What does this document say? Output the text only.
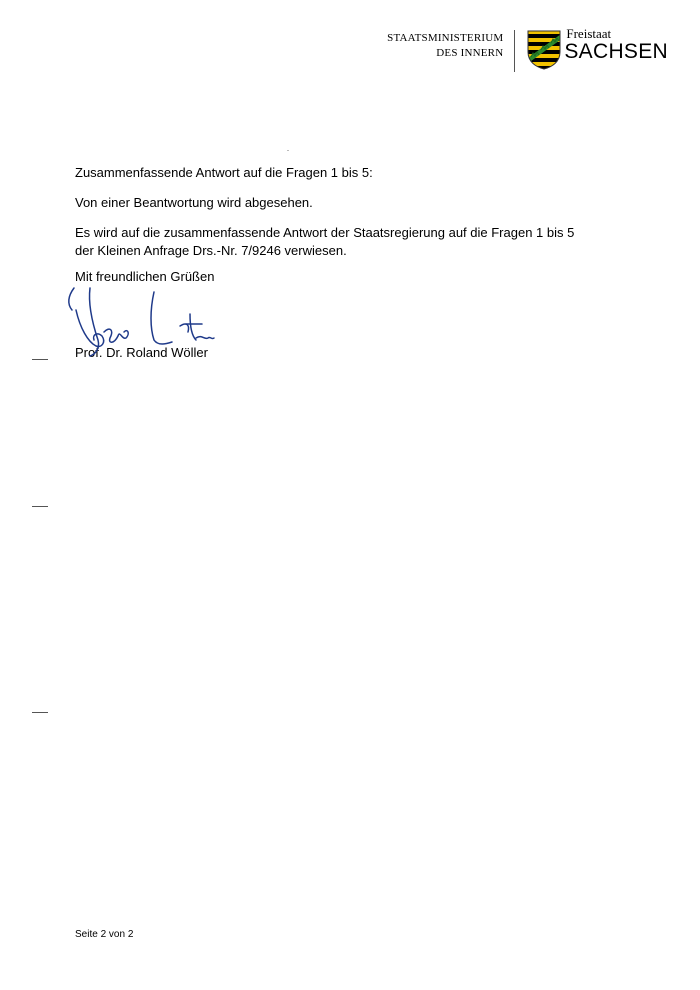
STAATSMINISTERIUM
DES INNERN
Freistaat
SACHSEN

Zusammenfassende Antwort auf die Fragen 1 bis 5:

Von einer Beantwortung wird abgesehen.

Es wird auf die zusammenfassende Antwort der Staatsregierung auf die Fragen 1 bis 5
der Kleinen Anfrage Drs.-Nr. 7/9246 verwiesen.

Mit freundlichen Grüßen

Prof. Dr. Roland Wöller

Seite 2 von 2
